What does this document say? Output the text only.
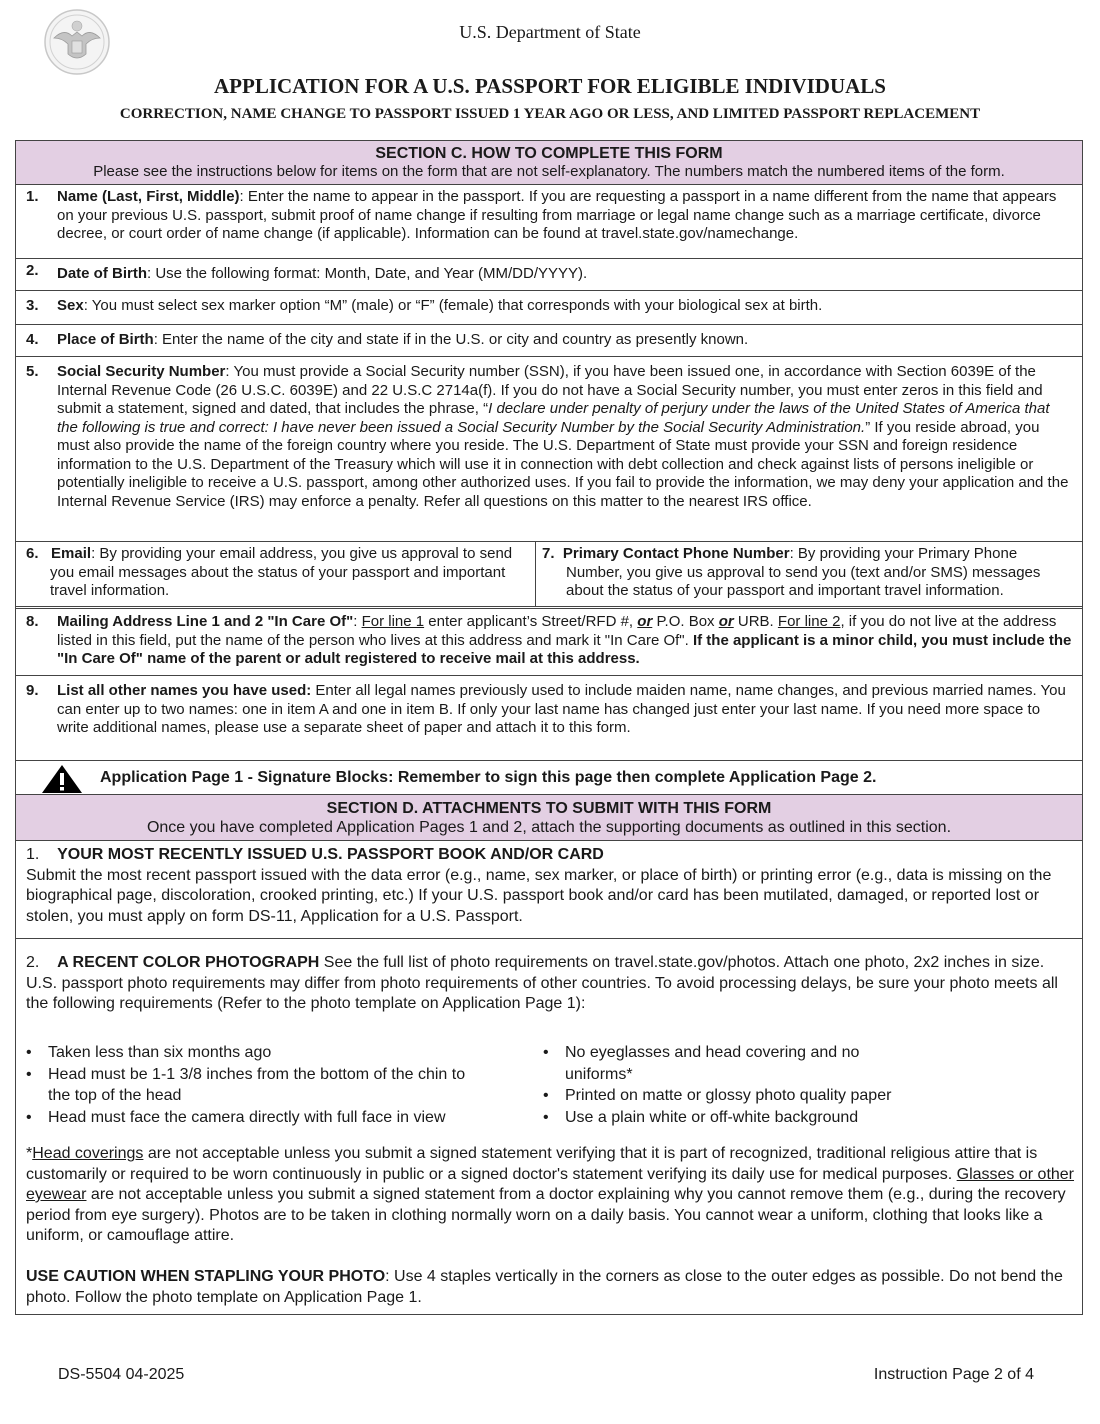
U.S. Department of State
APPLICATION FOR A U.S. PASSPORT FOR ELIGIBLE INDIVIDUALS
CORRECTION, NAME CHANGE TO PASSPORT ISSUED 1 YEAR AGO OR LESS, AND LIMITED PASSPORT REPLACEMENT
SECTION C. HOW TO COMPLETE THIS FORM
Please see the instructions below for items on the form that are not self-explanatory. The numbers match the numbered items of the form.
1. Name (Last, First, Middle): Enter the name to appear in the passport. If you are requesting a passport in a name different from the name that appears on your previous U.S. passport, submit proof of name change if resulting from marriage or legal name change such as a marriage certificate, divorce decree, or court order of name change (if applicable). Information can be found at travel.state.gov/namechange.
2. Date of Birth: Use the following format: Month, Date, and Year (MM/DD/YYYY).
3. Sex: You must select sex marker option “M” (male) or “F” (female) that corresponds with your biological sex at birth.
4. Place of Birth: Enter the name of the city and state if in the U.S. or city and country as presently known.
5. Social Security Number: You must provide a Social Security number (SSN), if you have been issued one, in accordance with Section 6039E of the Internal Revenue Code (26 U.S.C. 6039E) and 22 U.S.C 2714a(f). If you do not have a Social Security number, you must enter zeros in this field and submit a statement, signed and dated, that includes the phrase, “I declare under penalty of perjury under the laws of the United States of America that the following is true and correct: I have never been issued a Social Security Number by the Social Security Administration.” If you reside abroad, you must also provide the name of the foreign country where you reside. The U.S. Department of State must provide your SSN and foreign residence information to the U.S. Department of the Treasury which will use it in connection with debt collection and check against lists of persons ineligible or potentially ineligible to receive a U.S. passport, among other authorized uses. If you fail to provide the information, we may deny your application and the Internal Revenue Service (IRS) may enforce a penalty. Refer all questions on this matter to the nearest IRS office.
6. Email: By providing your email address, you give us approval to send you email messages about the status of your passport and important travel information.
7. Primary Contact Phone Number: By providing your Primary Phone Number, you give us approval to send you (text and/or SMS) messages about the status of your passport and important travel information.
8. Mailing Address Line 1 and 2 "In Care Of": For line 1 enter applicant’s Street/RFD #, or P.O. Box or URB. For line 2, if you do not live at the address listed in this field, put the name of the person who lives at this address and mark it "In Care Of". If the applicant is a minor child, you must include the "In Care Of" name of the parent or adult registered to receive mail at this address.
9. List all other names you have used: Enter all legal names previously used to include maiden name, name changes, and previous married names. You can enter up to two names: one in item A and one in item B. If only your last name has changed just enter your last name. If you need more space to write additional names, please use a separate sheet of paper and attach it to this form.
Application Page 1 - Signature Blocks: Remember to sign this page then complete Application Page 2.
SECTION D. ATTACHMENTS TO SUBMIT WITH THIS FORM
Once you have completed Application Pages 1 and 2, attach the supporting documents as outlined in this section.
1. YOUR MOST RECENTLY ISSUED U.S. PASSPORT BOOK AND/OR CARD
Submit the most recent passport issued with the data error (e.g., name, sex marker, or place of birth) or printing error (e.g., data is missing on the biographical page, discoloration, crooked printing, etc.) If your U.S. passport book and/or card has been mutilated, damaged, or reported lost or stolen, you must apply on form DS-11, Application for a U.S. Passport.
2. A RECENT COLOR PHOTOGRAPH See the full list of photo requirements on travel.state.gov/photos. Attach one photo, 2x2 inches in size. U.S. passport photo requirements may differ from photo requirements of other countries. To avoid processing delays, be sure your photo meets all the following requirements (Refer to the photo template on Application Page 1):
• Taken less than six months ago
• Head must be 1-1 3/8 inches from the bottom of the chin to the top of the head
• Head must face the camera directly with full face in view
• No eyeglasses and head covering and no uniforms*
• Printed on matte or glossy photo quality paper
• Use a plain white or off-white background
*Head coverings are not acceptable unless you submit a signed statement verifying that it is part of recognized, traditional religious attire that is customarily or required to be worn continuously in public or a signed doctor's statement verifying its daily use for medical purposes. Glasses or other eyewear are not acceptable unless you submit a signed statement from a doctor explaining why you cannot remove them (e.g., during the recovery period from eye surgery). Photos are to be taken in clothing normally worn on a daily basis. You cannot wear a uniform, clothing that looks like a uniform, or camouflage attire.
USE CAUTION WHEN STAPLING YOUR PHOTO: Use 4 staples vertically in the corners as close to the outer edges as possible. Do not bend the photo. Follow the photo template on Application Page 1.
DS-5504 04-2025	Instruction Page 2 of 4
